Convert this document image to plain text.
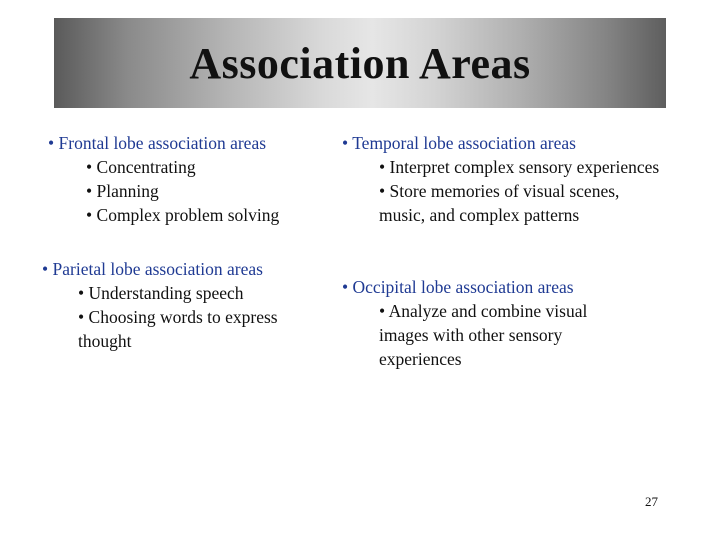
Association Areas
• Frontal lobe association areas
• Concentrating
• Planning
• Complex problem solving
• Parietal lobe association areas
• Understanding speech
• Choosing words to express thought
• Temporal lobe association areas
• Interpret complex sensory experiences
• Store memories of visual scenes, music, and complex patterns
• Occipital lobe association areas
• Analyze and combine visual images with other sensory experiences
27
